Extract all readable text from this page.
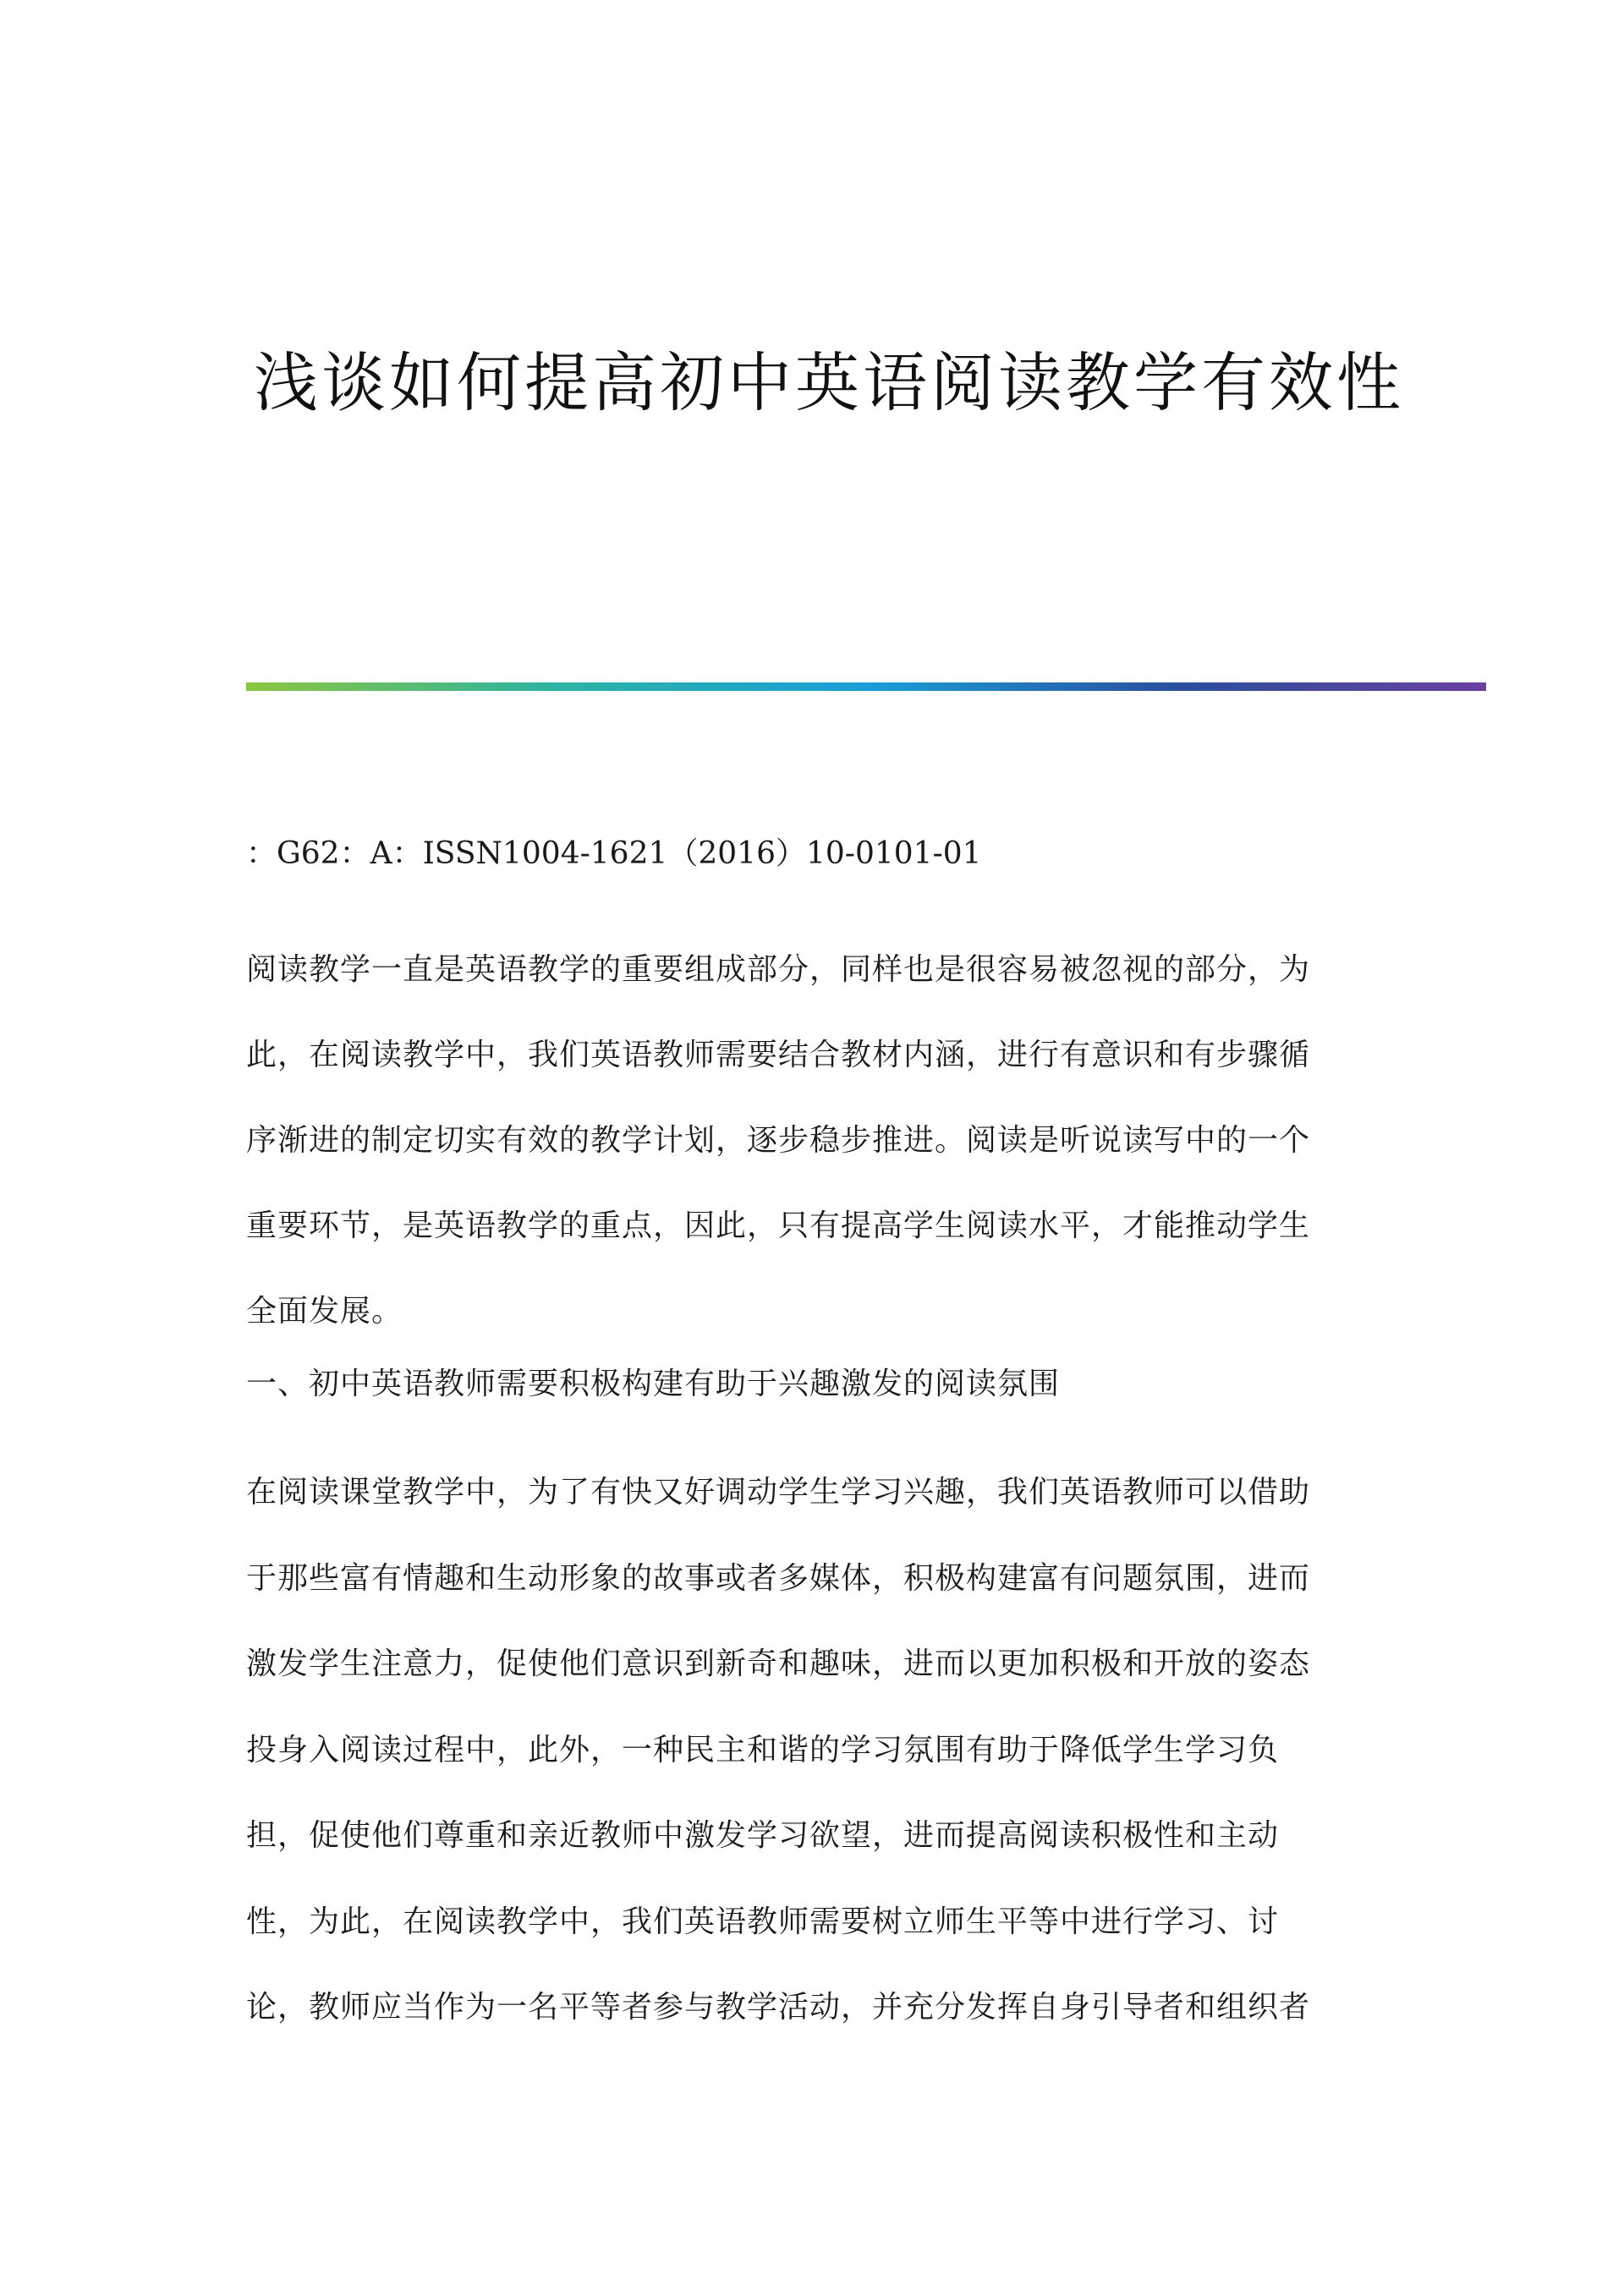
浅谈如何提高初中英语阅读教学有效性
：G62：A：ISSN1004-1621（2016）10-0101-01
阅读教学一直是英语教学的重要组成部分，同样也是很容易被忽视的部分，为
此，在阅读教学中，我们英语教师需要结合教材内涵，进行有意识和有步骤循
序渐进的制定切实有效的教学计划，逐步稳步推进。阅读是听说读写中的一个
重要环节，是英语教学的重点，因此，只有提高学生阅读水平，才能推动学生
全面发展。
一、初中英语教师需要积极构建有助于兴趣激发的阅读氛围
在阅读课堂教学中，为了有快又好调动学生学习兴趣，我们英语教师可以借助
于那些富有情趣和生动形象的故事或者多媒体，积极构建富有问题氛围，进而
激发学生注意力，促使他们意识到新奇和趣味，进而以更加积极和开放的姿态
投身入阅读过程中，此外，一种民主和谐的学习氛围有助于降低学生学习负
担，促使他们尊重和亲近教师中激发学习欲望，进而提高阅读积极性和主动
性，为此，在阅读教学中，我们英语教师需要树立师生平等中进行学习、讨
论，教师应当作为一名平等者参与教学活动，并充分发挥自身引导者和组织者
